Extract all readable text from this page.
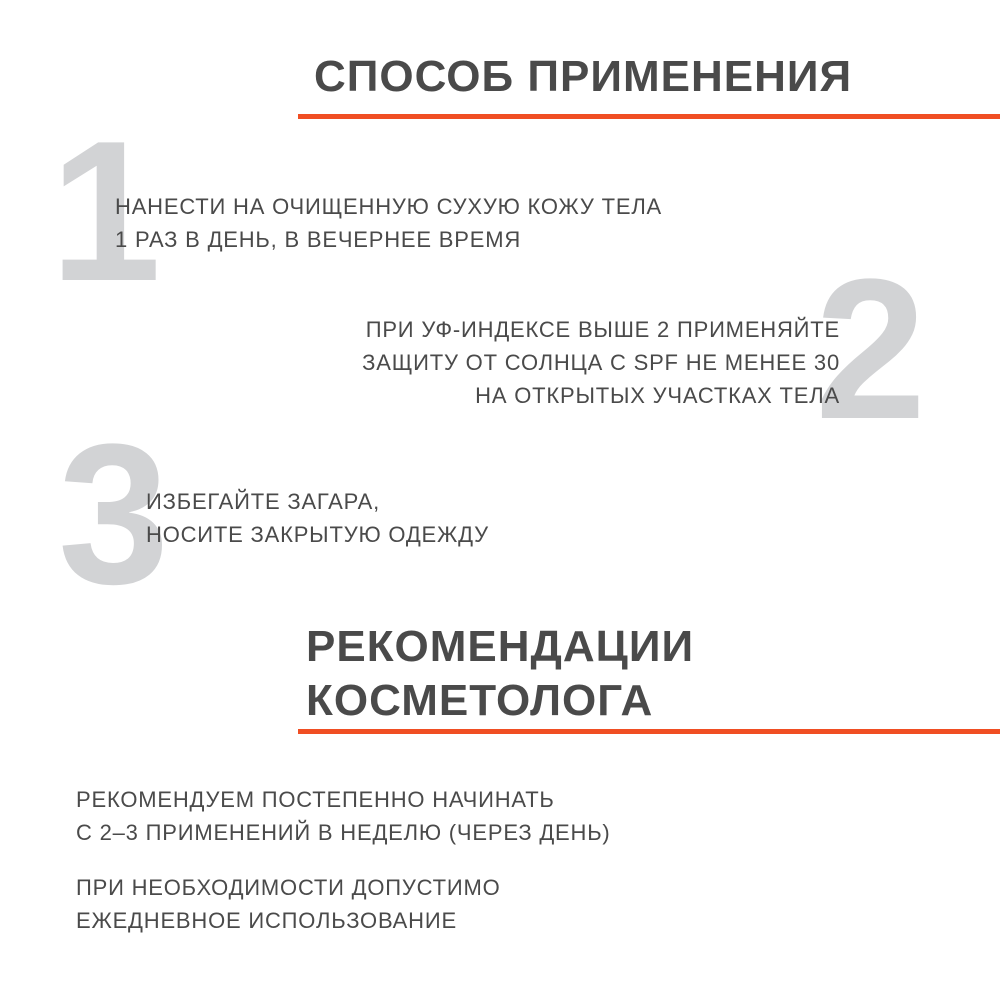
СПОСОБ ПРИМЕНЕНИЯ
1
НАНЕСТИ НА ОЧИЩЕННУЮ СУХУЮ КОЖУ ТЕЛА
1 РАЗ В ДЕНЬ, В ВЕЧЕРНЕЕ ВРЕМЯ	2
ПРИ УФ-ИНДЕКСЕ ВЫШЕ 2 ПРИМЕНЯЙТЕ
ЗАЩИТУ ОТ СОЛНЦА С SPF НЕ МЕНЕЕ 30
НА ОТКРЫТЫХ УЧАСТКАХ ТЕЛА
3
ИЗБЕГАЙТЕ ЗАГАРА,
НОСИТЕ ЗАКРЫТУЮ ОДЕЖДУ
РЕКОМЕНДАЦИИ
КОСМЕТОЛОГА
РЕКОМЕНДУЕМ ПОСТЕПЕННО НАЧИНАТЬ
С 2–3 ПРИМЕНЕНИЙ В НЕДЕЛЮ (ЧЕРЕЗ ДЕНЬ)
ПРИ НЕОБХОДИМОСТИ ДОПУСТИМО
ЕЖЕДНЕВНОЕ ИСПОЛЬЗОВАНИЕ
